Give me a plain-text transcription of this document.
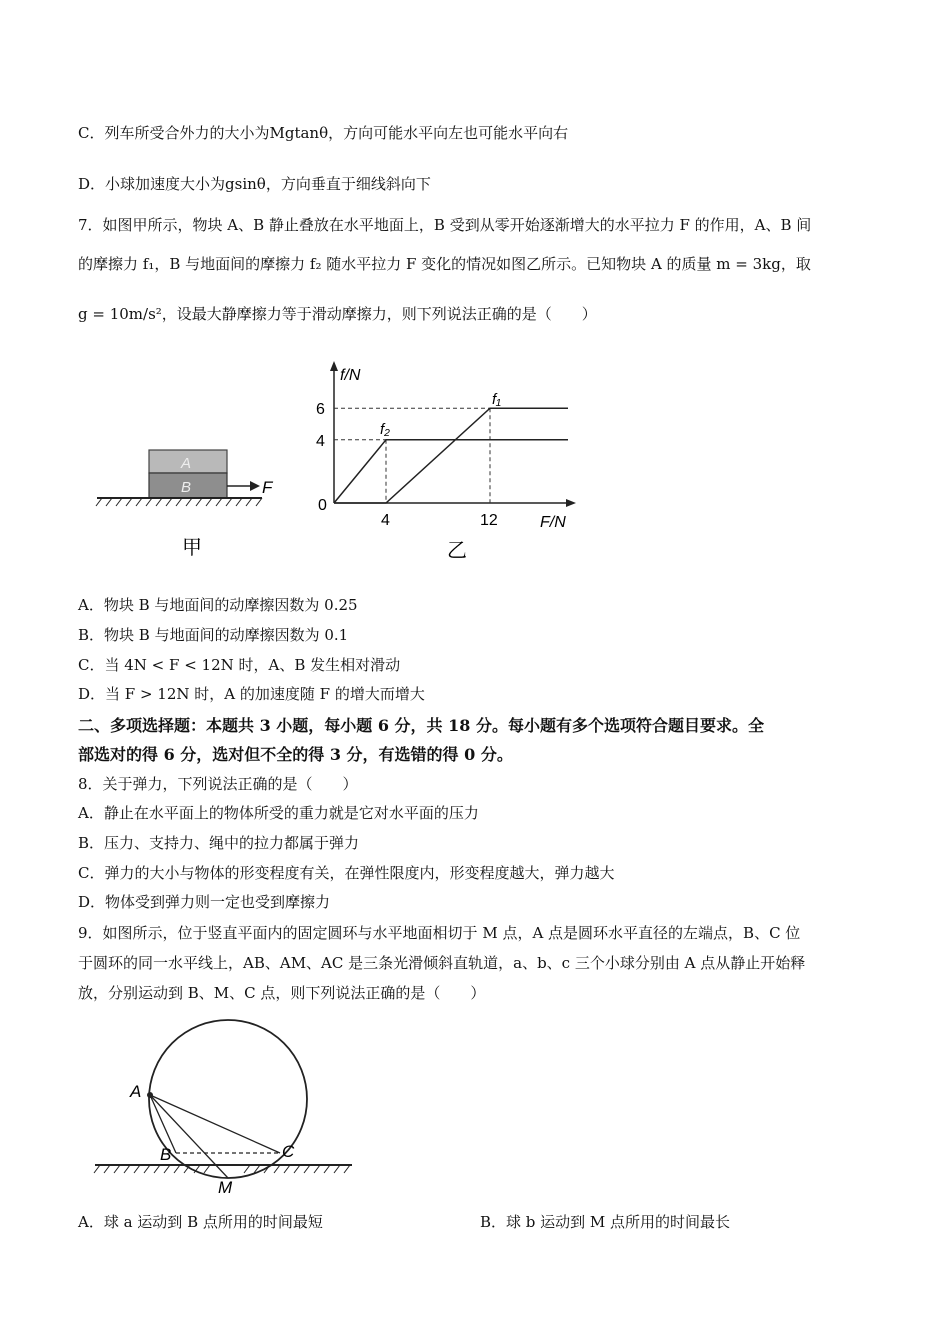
C．列车所受合外力的大小为Mgtanθ，方向可能水平向左也可能水平向右
D．小球加速度大小为gsinθ，方向垂直于细线斜向下
7．如图甲所示，物块 A、B 静止叠放在水平地面上，B 受到从零开始逐渐增大的水平拉力 F 的作用，A、B 间
的摩擦力 f₁，B 与地面间的摩擦力 f₂ 随水平拉力 F 变化的情况如图乙所示。已知物块 A 的质量 m = 3kg，取
g = 10m/s²，设最大静摩擦力等于滑动摩擦力，则下列说法正确的是（　　）
A
B	F
甲
f/N
F/N
0
4	12
4
6
f₁
f₂
乙
A．物块 B 与地面间的动摩擦因数为 0.25
B．物块 B 与地面间的动摩擦因数为 0.1
C．当 4N < F < 12N 时，A、B 发生相对滑动
D．当 F > 12N 时，A 的加速度随 F 的增大而增大
二、多项选择题：本题共 3 小题，每小题 6 分，共 18 分。每小题有多个选项符合题目要求。全
部选对的得 6 分，选对但不全的得 3 分，有选错的得 0 分。
8．关于弹力，下列说法正确的是（　　）
A．静止在水平面上的物体所受的重力就是它对水平面的压力
B．压力、支持力、绳中的拉力都属于弹力
C．弹力的大小与物体的形变程度有关，在弹性限度内，形变程度越大，弹力越大
D．物体受到弹力则一定也受到摩擦力
9．如图所示，位于竖直平面内的固定圆环与水平地面相切于 M 点，A 点是圆环水平直径的左端点，B、C 位
于圆环的同一水平线上，AB、AM、AC 是三条光滑倾斜直轨道，a、b、c 三个小球分别由 A 点从静止开始释
放，分别运动到 B、M、C 点，则下列说法正确的是（　　）
A
B	C
M
A．球 a 运动到 B 点所用的时间最短	B．球 b 运动到 M 点所用的时间最长
